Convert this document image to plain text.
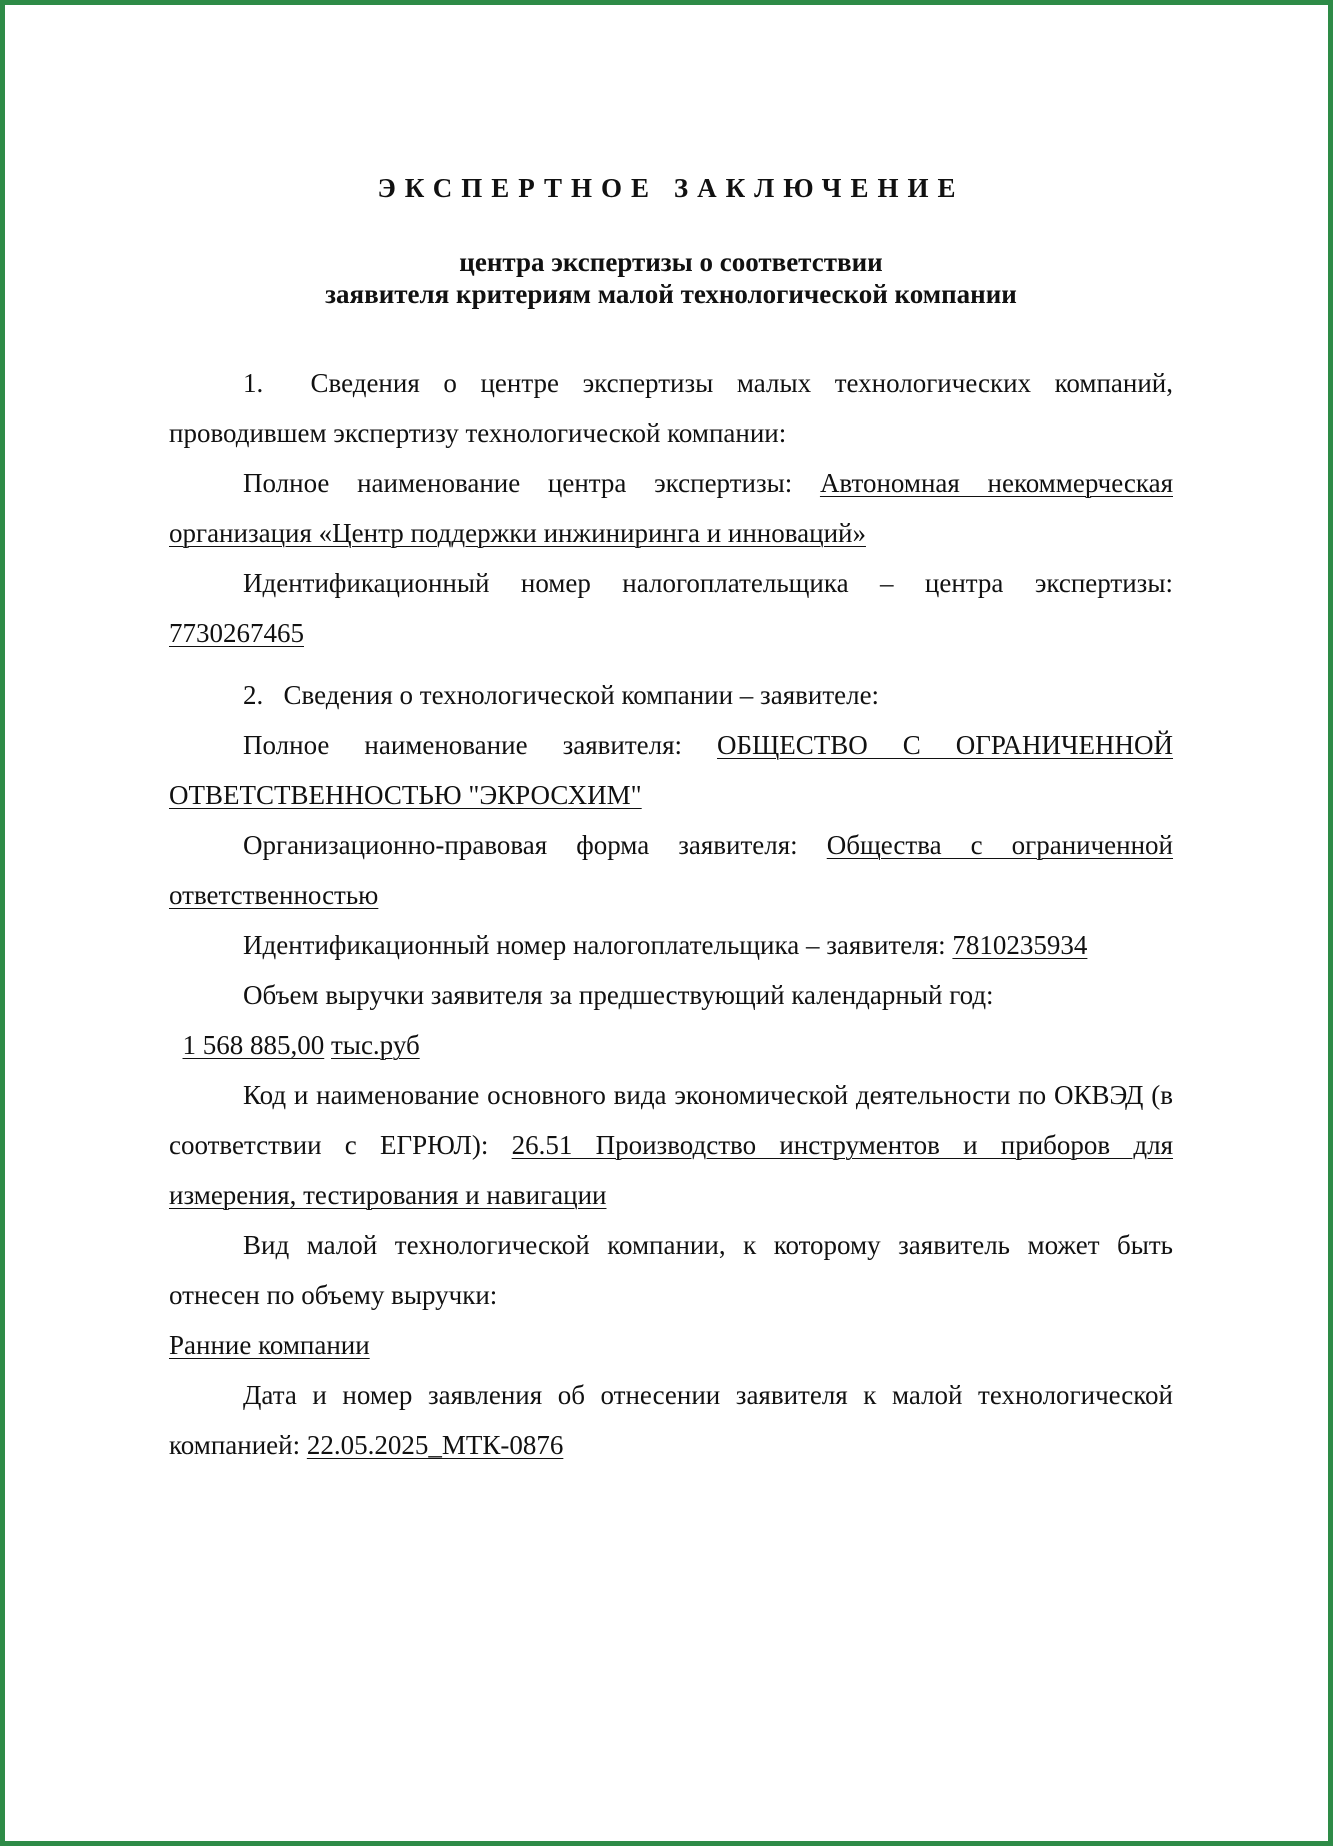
ЭКСПЕРТНОЕ ЗАКЛЮЧЕНИЕ
центра экспертизы о соответствии
заявителя критериям малой технологической компании

1. Сведения о центре экспертизы малых технологических компаний, проводившем экспертизу технологической компании:

Полное наименование центра экспертизы: Автономная некоммерческая организация «Центр поддержки инжиниринга и инноваций»

Идентификационный номер налогоплательщика – центра экспертизы: 7730267465

2. Сведения о технологической компании – заявителе:

Полное наименование заявителя: ОБЩЕСТВО С ОГРАНИЧЕННОЙ ОТВЕТСТВЕННОСТЬЮ "ЭКРОСХИМ"

Организационно-правовая форма заявителя: Общества с ограниченной ответственностью

Идентификационный номер налогоплательщика – заявителя: 7810235934

Объем выручки заявителя за предшествующий календарный год:

1 568 885,00 тыс.руб

Код и наименование основного вида экономической деятельности по ОКВЭД (в соответствии с ЕГРЮЛ): 26.51 Производство инструментов и приборов для измерения, тестирования и навигации

Вид малой технологической компании, к которому заявитель может быть отнесен по объему выручки:

Ранние компании

Дата и номер заявления об отнесении заявителя к малой технологической компанией: 22.05.2025_МТК-0876
